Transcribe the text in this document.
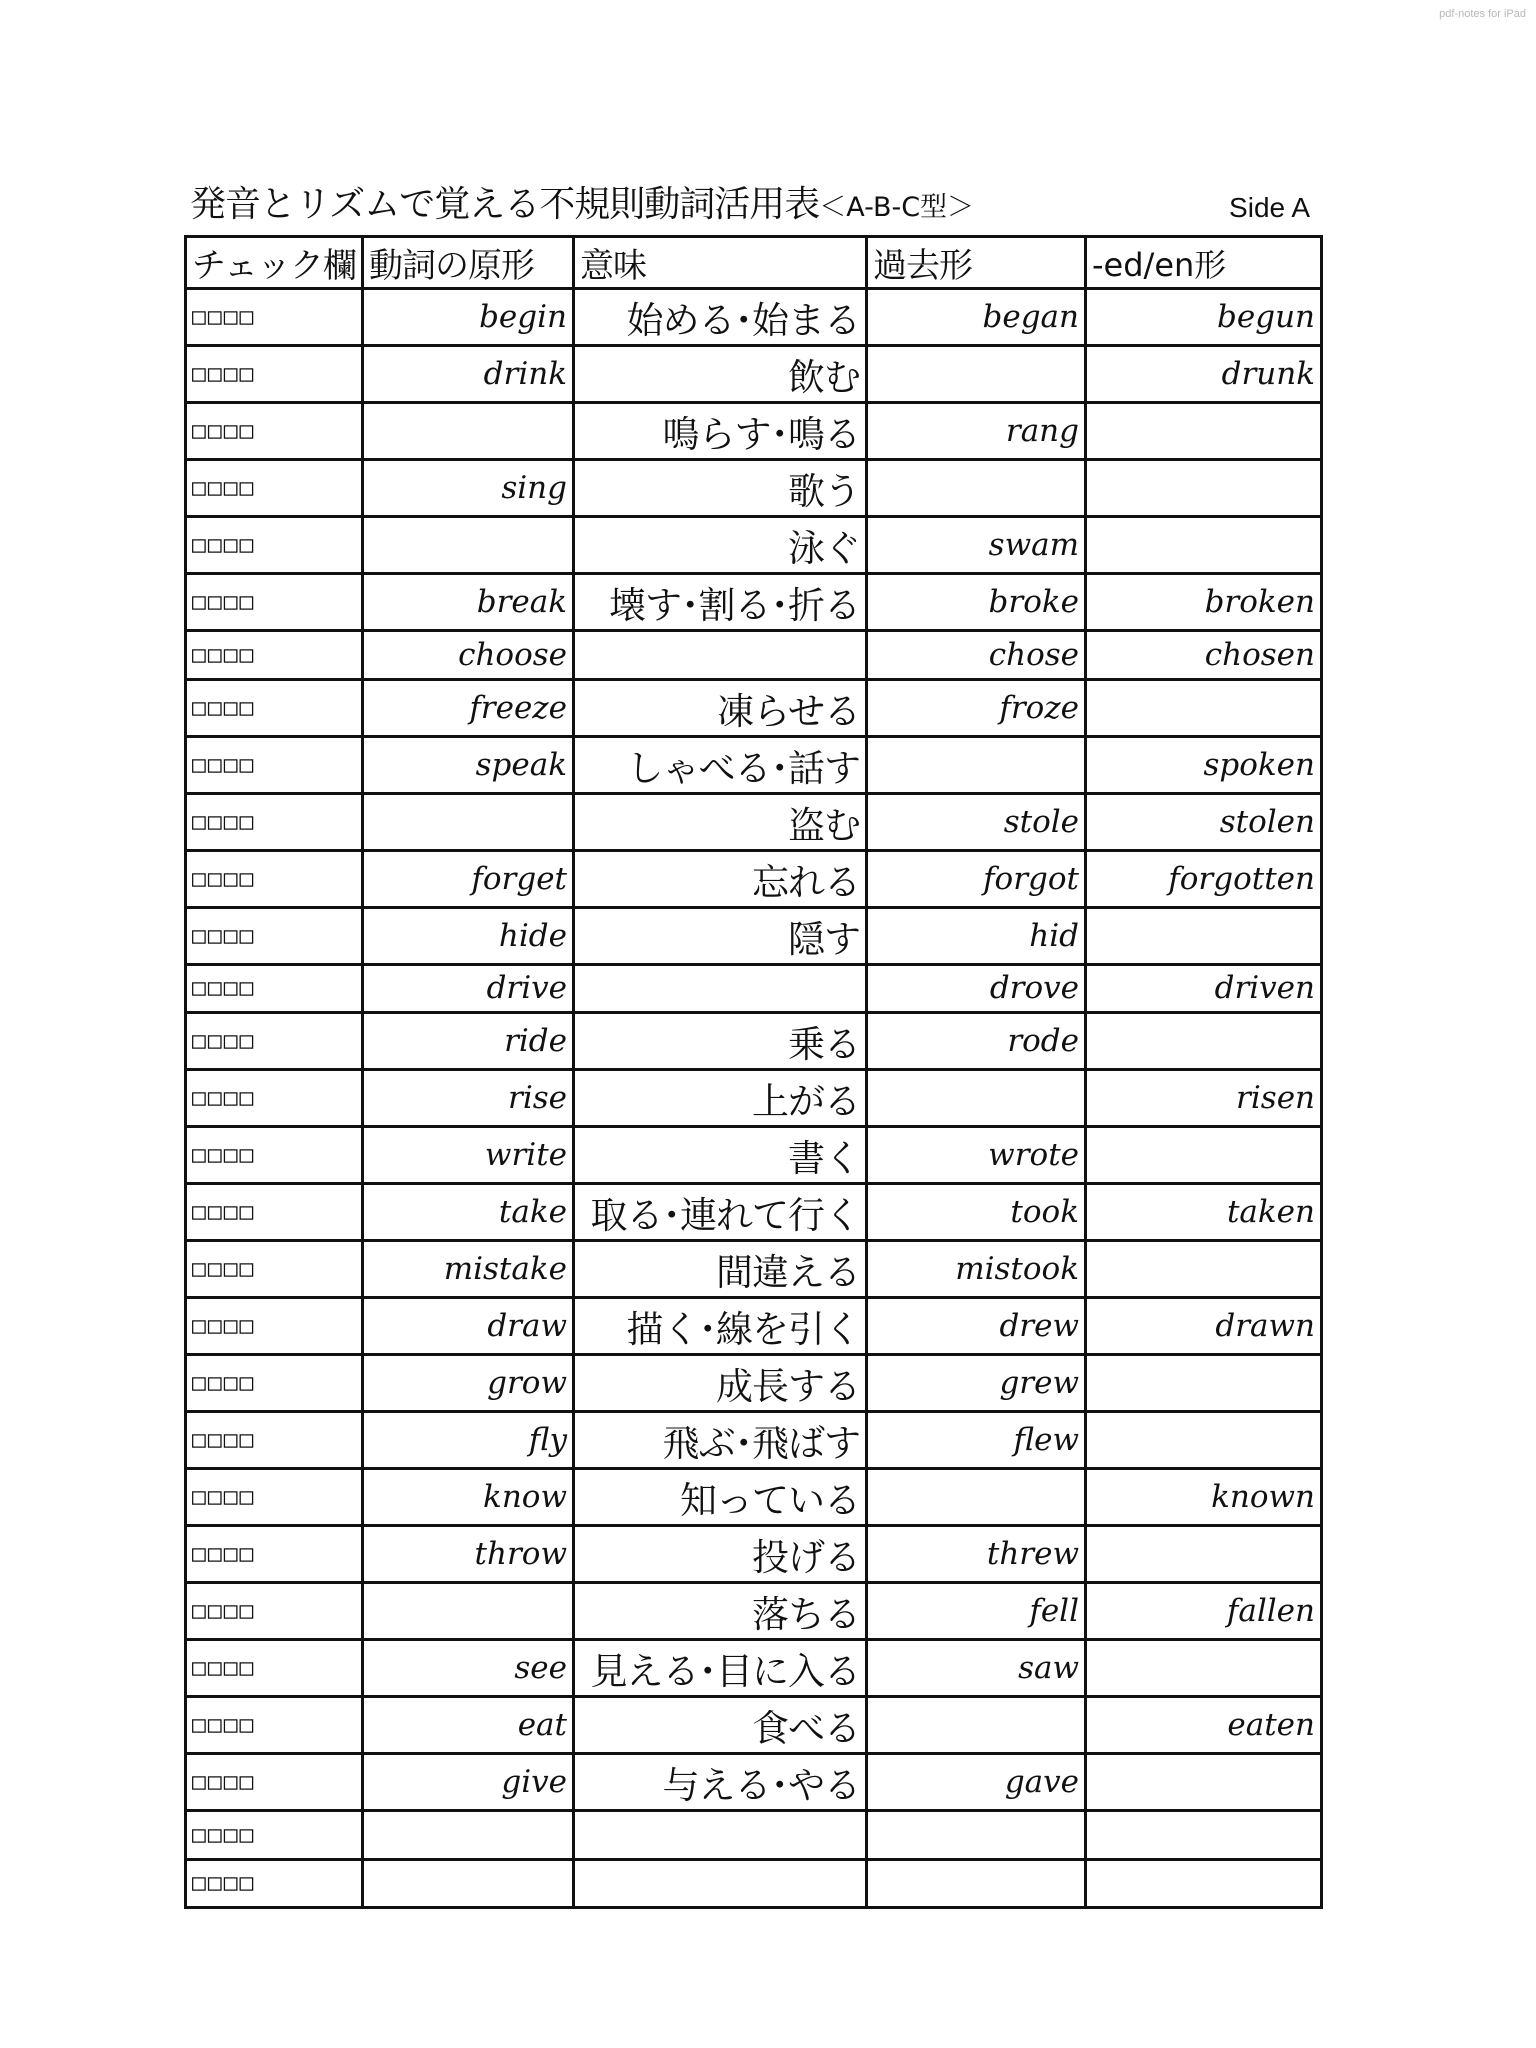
pdf-notes for iPad
発音とリズムで覚える不規則動詞活用表＜A-B-C型＞	Side A
チェック欄	動詞の原形	意味	過去形	-ed/en形
□□□□	begin	始める･始まる	began	begun
□□□□	drink	飲む		drunk
□□□□		鳴らす･鳴る	rang	
□□□□	sing	歌う		
□□□□		泳ぐ	swam	
□□□□	break	壊す･割る･折る	broke	broken
□□□□	choose		chose	chosen
□□□□	freeze	凍らせる	froze	
□□□□	speak	しゃべる･話す		spoken
□□□□		盗む	stole	stolen
□□□□	forget	忘れる	forgot	forgotten
□□□□	hide	隠す	hid	
□□□□	drive		drove	driven
□□□□	ride	乗る	rode	
□□□□	rise	上がる		risen
□□□□	write	書く	wrote	
□□□□	take	取る･連れて行く	took	taken
□□□□	mistake	間違える	mistook	
□□□□	draw	描く･線を引く	drew	drawn
□□□□	grow	成長する	grew	
□□□□	fly	飛ぶ･飛ばす	flew	
□□□□	know	知っている		known
□□□□	throw	投げる	threw	
□□□□		落ちる	fell	fallen
□□□□	see	見える･目に入る	saw	
□□□□	eat	食べる		eaten
□□□□	give	与える･やる	gave	
□□□□				
□□□□				
